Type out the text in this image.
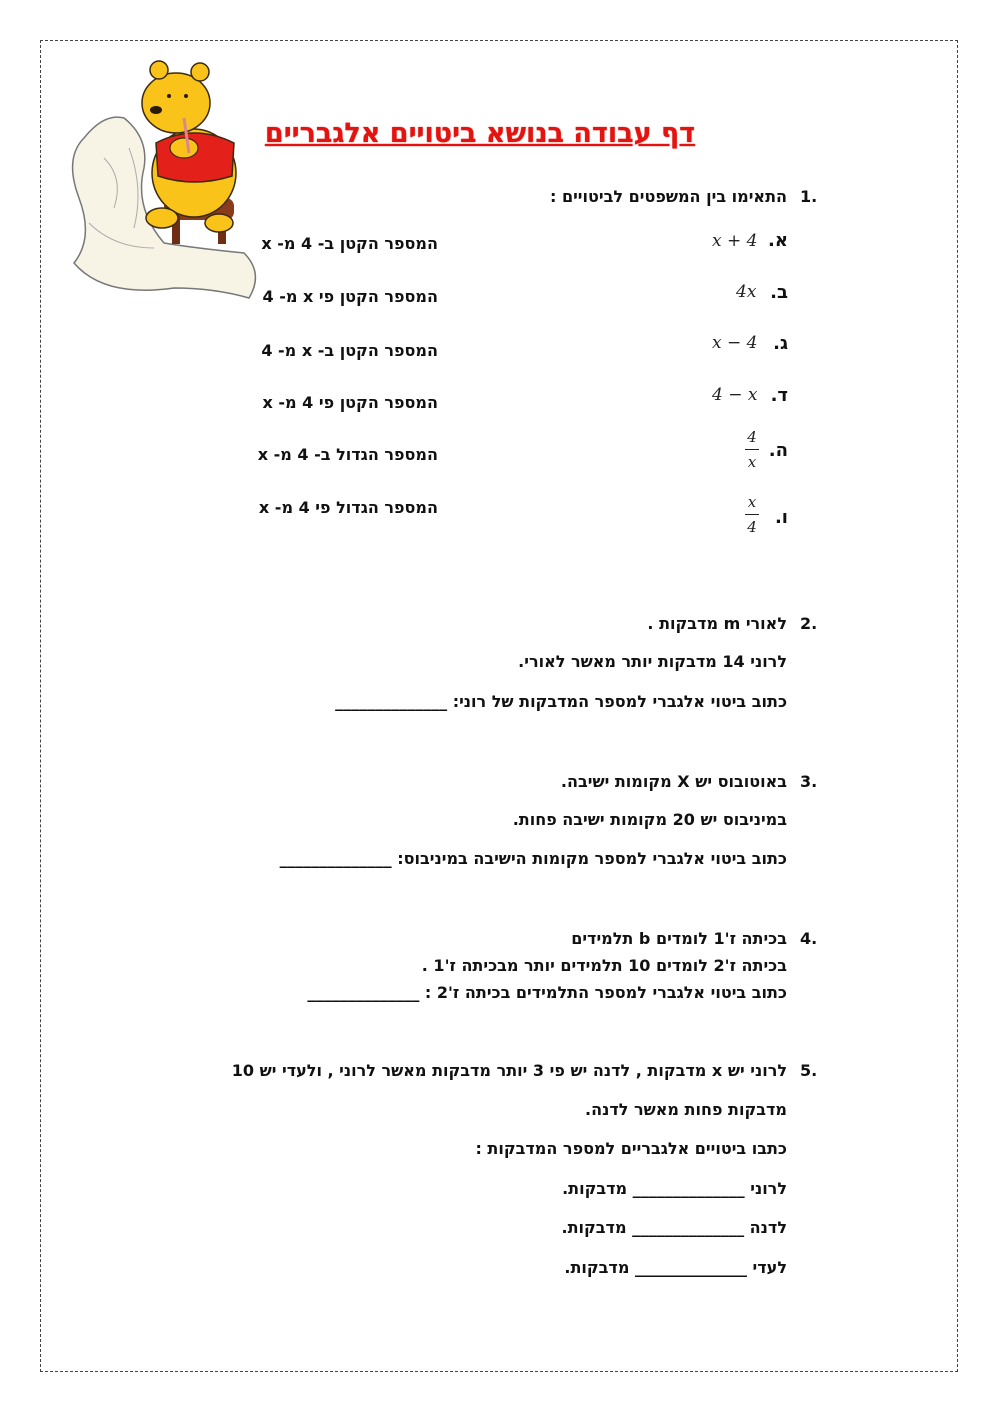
דף עבודה בנושא ביטויים אלגבריים
1.
התאימו בין המשפטים לביטויים :
א.
x + 4
המספר הקטן ב- 4 מ- x
ב.
4x
המספר הקטן פי x מ- 4
ג.
x − 4
המספר הקטן ב- x מ- 4
ד.
4 − x
המספר הקטן פי 4 מ- x
ה.
4
x
המספר הגדול ב- 4 מ- x
ו.
x
4
המספר הגדול פי 4 מ- x
2.
לאורי m מדבקות .
לרוני 14 מדבקות יותר מאשר לאורי.
כתוב ביטוי אלגברי למספר המדבקות של רוני: ______________
3.
באוטובוס יש X מקומות ישיבה.
במיניבוס יש 20 מקומות ישיבה פחות.
כתוב ביטוי אלגברי למספר מקומות הישיבה במיניבוס: ______________
4.
בכיתה ז'1 לומדים b תלמידים
בכיתה ז'2 לומדים 10 תלמידים יותר מבכיתה ז'1 .
כתוב ביטוי אלגברי למספר התלמידים בכיתה ז'2 : ______________
5.
לרוני יש x מדבקות , לדנה יש פי 3 יותר מדבקות מאשר לרוני , ולעדי יש 10
מדבקות פחות מאשר לדנה.
כתבו ביטויים אלגבריים למספר המדבקות :
לרוני ______________ מדבקות.
לדנה ______________ מדבקות.
לעדי ______________ מדבקות.
